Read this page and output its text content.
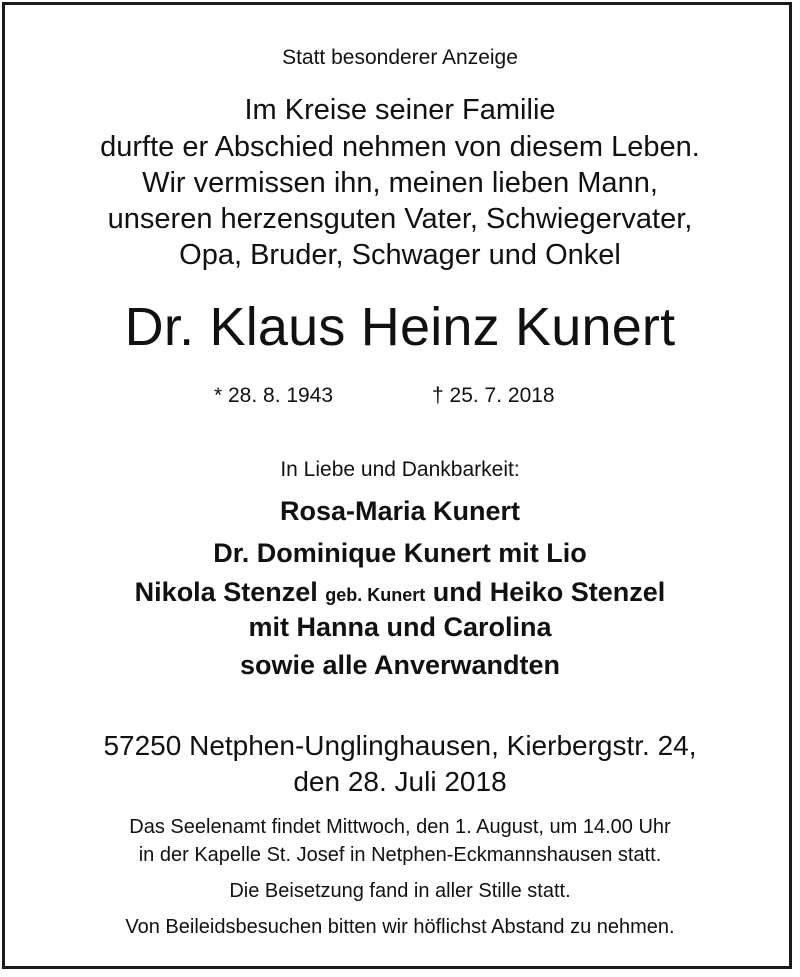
Statt besonderer Anzeige
Im Kreise seiner Familie
durfte er Abschied nehmen von diesem Leben.
Wir vermissen ihn, meinen lieben Mann,
unseren herzensguten Vater, Schwiegervater,
Opa, Bruder, Schwager und Onkel
Dr. Klaus Heinz Kunert
* 28. 8. 1943	† 25. 7. 2018
In Liebe und Dankbarkeit:
Rosa-Maria Kunert
Dr. Dominique Kunert mit Lio
Nikola Stenzel geb. Kunert und Heiko Stenzel
mit Hanna und Carolina
sowie alle Anverwandten
57250 Netphen-Unglinghausen, Kierbergstr. 24,
den 28. Juli 2018
Das Seelenamt findet Mittwoch, den 1. August, um 14.00 Uhr
in der Kapelle St. Josef in Netphen-Eckmannshausen statt.
Die Beisetzung fand in aller Stille statt.
Von Beileidsbesuchen bitten wir höflichst Abstand zu nehmen.
